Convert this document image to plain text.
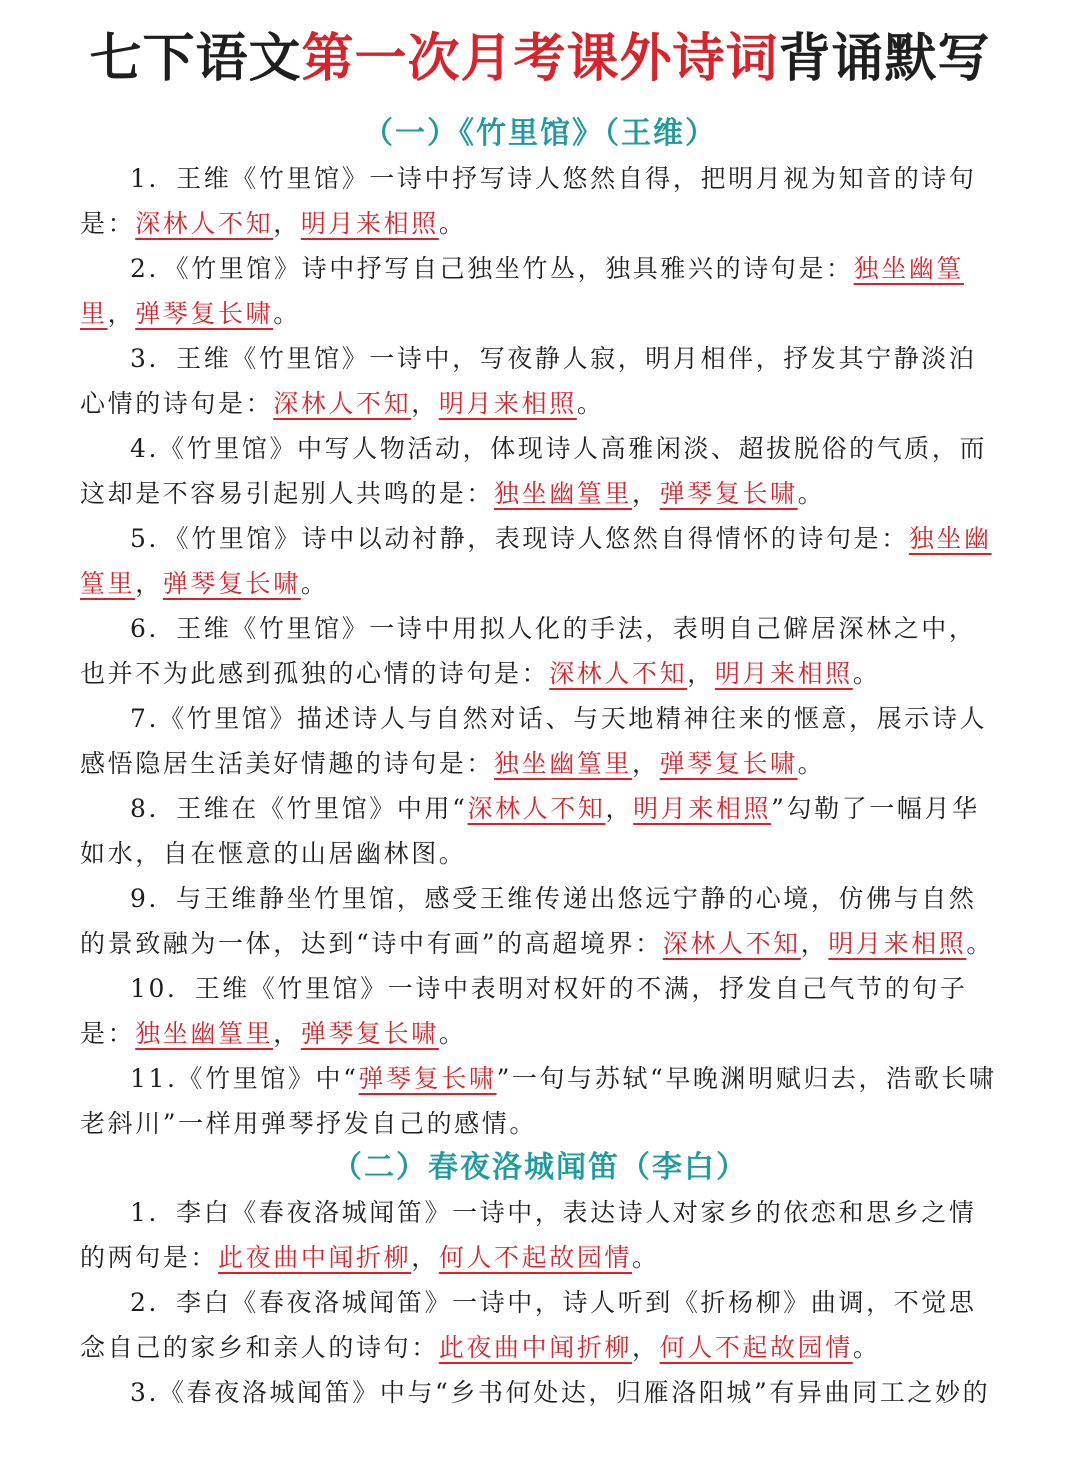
七下语文第一次月考课外诗词背诵默写
（一）《竹里馆》（王维）
1．王维《竹里馆》一诗中抒写诗人悠然自得，把明月视为知音的诗句是：深林人不知，明月来相照。
2．《竹里馆》诗中抒写自己独坐竹丛，独具雅兴的诗句是：独坐幽篁里，弹琴复长啸。
3．王维《竹里馆》一诗中，写夜静人寂，明月相伴，抒发其宁静淡泊心情的诗句是：深林人不知，明月来相照。
4.《竹里馆》中写人物活动，体现诗人高雅闲淡、超拔脱俗的气质，而这却是不容易引起别人共鸣的是：独坐幽篁里，弹琴复长啸。
5．《竹里馆》诗中以动衬静，表现诗人悠然自得情怀的诗句是：独坐幽篁里，弹琴复长啸。
6．王维《竹里馆》一诗中用拟人化的手法，表明自己僻居深林之中，也并不为此感到孤独的心情的诗句是：深林人不知，明月来相照。
7.《竹里馆》描述诗人与自然对话、与天地精神往来的惬意，展示诗人感悟隐居生活美好情趣的诗句是：独坐幽篁里，弹琴复长啸。
8．王维在《竹里馆》中用“深林人不知，明月来相照”勾勒了一幅月华如水，自在惬意的山居幽林图。
9．与王维静坐竹里馆，感受王维传递出悠远宁静的心境，仿佛与自然的景致融为一体，达到“诗中有画”的高超境界：深林人不知，明月来相照。
10．王维《竹里馆》一诗中表明对权奸的不满，抒发自己气节的句子是：独坐幽篁里，弹琴复长啸。
11.《竹里馆》中“弹琴复长啸”一句与苏轼“早晚渊明赋归去，浩歌长啸老斜川”一样用弹琴抒发自己的感情。
（二）春夜洛城闻笛（李白）
1．李白《春夜洛城闻笛》一诗中，表达诗人对家乡的依恋和思乡之情的两句是：此夜曲中闻折柳，何人不起故园情。
2．李白《春夜洛城闻笛》一诗中，诗人听到《折杨柳》曲调，不觉思念自己的家乡和亲人的诗句：此夜曲中闻折柳，何人不起故园情。
3.《春夜洛城闻笛》中与“乡书何处达，归雁洛阳城”有异曲同工之妙的
